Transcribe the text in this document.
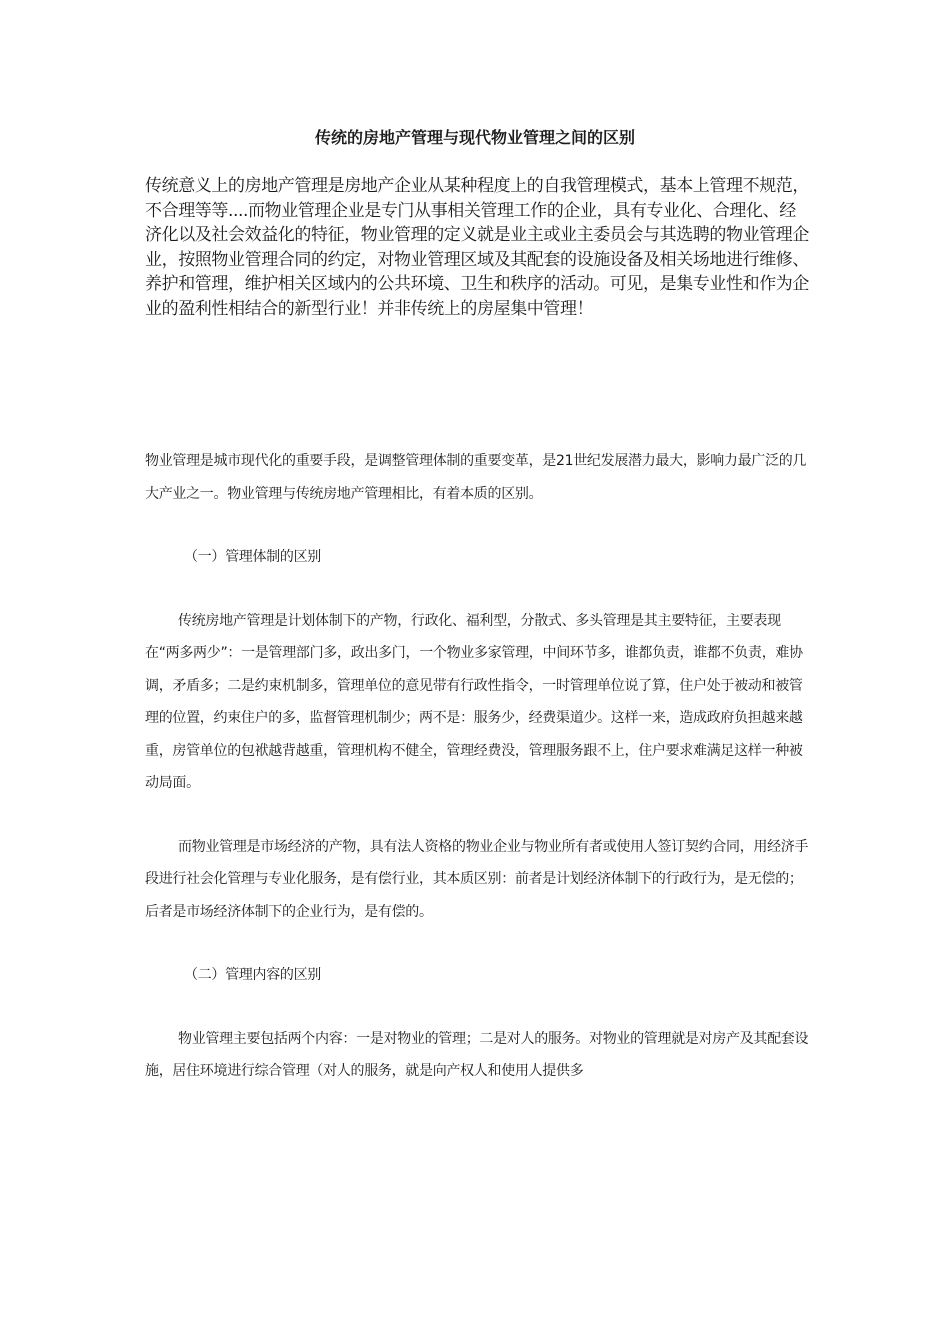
传统的房地产管理与现代物业管理之间的区别

传统意义上的房地产管理是房地产企业从某种程度上的自我管理模式，基本上管理不规范，不合理等等....而物业管理企业是专门从事相关管理工作的企业，具有专业化、合理化、经济化以及社会效益化的特征，物业管理的定义就是业主或业主委员会与其选聘的物业管理企业，按照物业管理合同的约定，对物业管理区域及其配套的设施设备及相关场地进行维修、养护和管理，维护相关区域内的公共环境、卫生和秩序的活动。可见，是集专业性和作为企业的盈利性相结合的新型行业！并非传统上的房屋集中管理！

物业管理是城市现代化的重要手段，是调整管理体制的重要变革，是21世纪发展潜力最大，影响力最广泛的几大产业之一。物业管理与传统房地产管理相比，有着本质的区别。

（一）管理体制的区别

传统房地产管理是计划体制下的产物，行政化、福利型，分散式、多头管理是其主要特征，主要表现在“两多两少”：一是管理部门多，政出多门，一个物业多家管理，中间环节多，谁都负责，谁都不负责，难协调，矛盾多；二是约束机制多，管理单位的意见带有行政性指令，一时管理单位说了算，住户处于被动和被管理的位置，约束住户的多，监督管理机制少；两不是：服务少，经费渠道少。这样一来，造成政府负担越来越重，房管单位的包袱越背越重，管理机构不健全，管理经费没，管理服务跟不上，住户要求难满足这样一种被动局面。

而物业管理是市场经济的产物，具有法人资格的物业企业与物业所有者或使用人签订契约合同，用经济手段进行社会化管理与专业化服务，是有偿行业，其本质区别：前者是计划经济体制下的行政行为，是无偿的；后者是市场经济体制下的企业行为，是有偿的。

（二）管理内容的区别

物业管理主要包括两个内容：一是对物业的管理；二是对人的服务。对物业的管理就是对房产及其配套设施，居住环境进行综合管理（对人的服务，就是向产权人和使用人提供多
